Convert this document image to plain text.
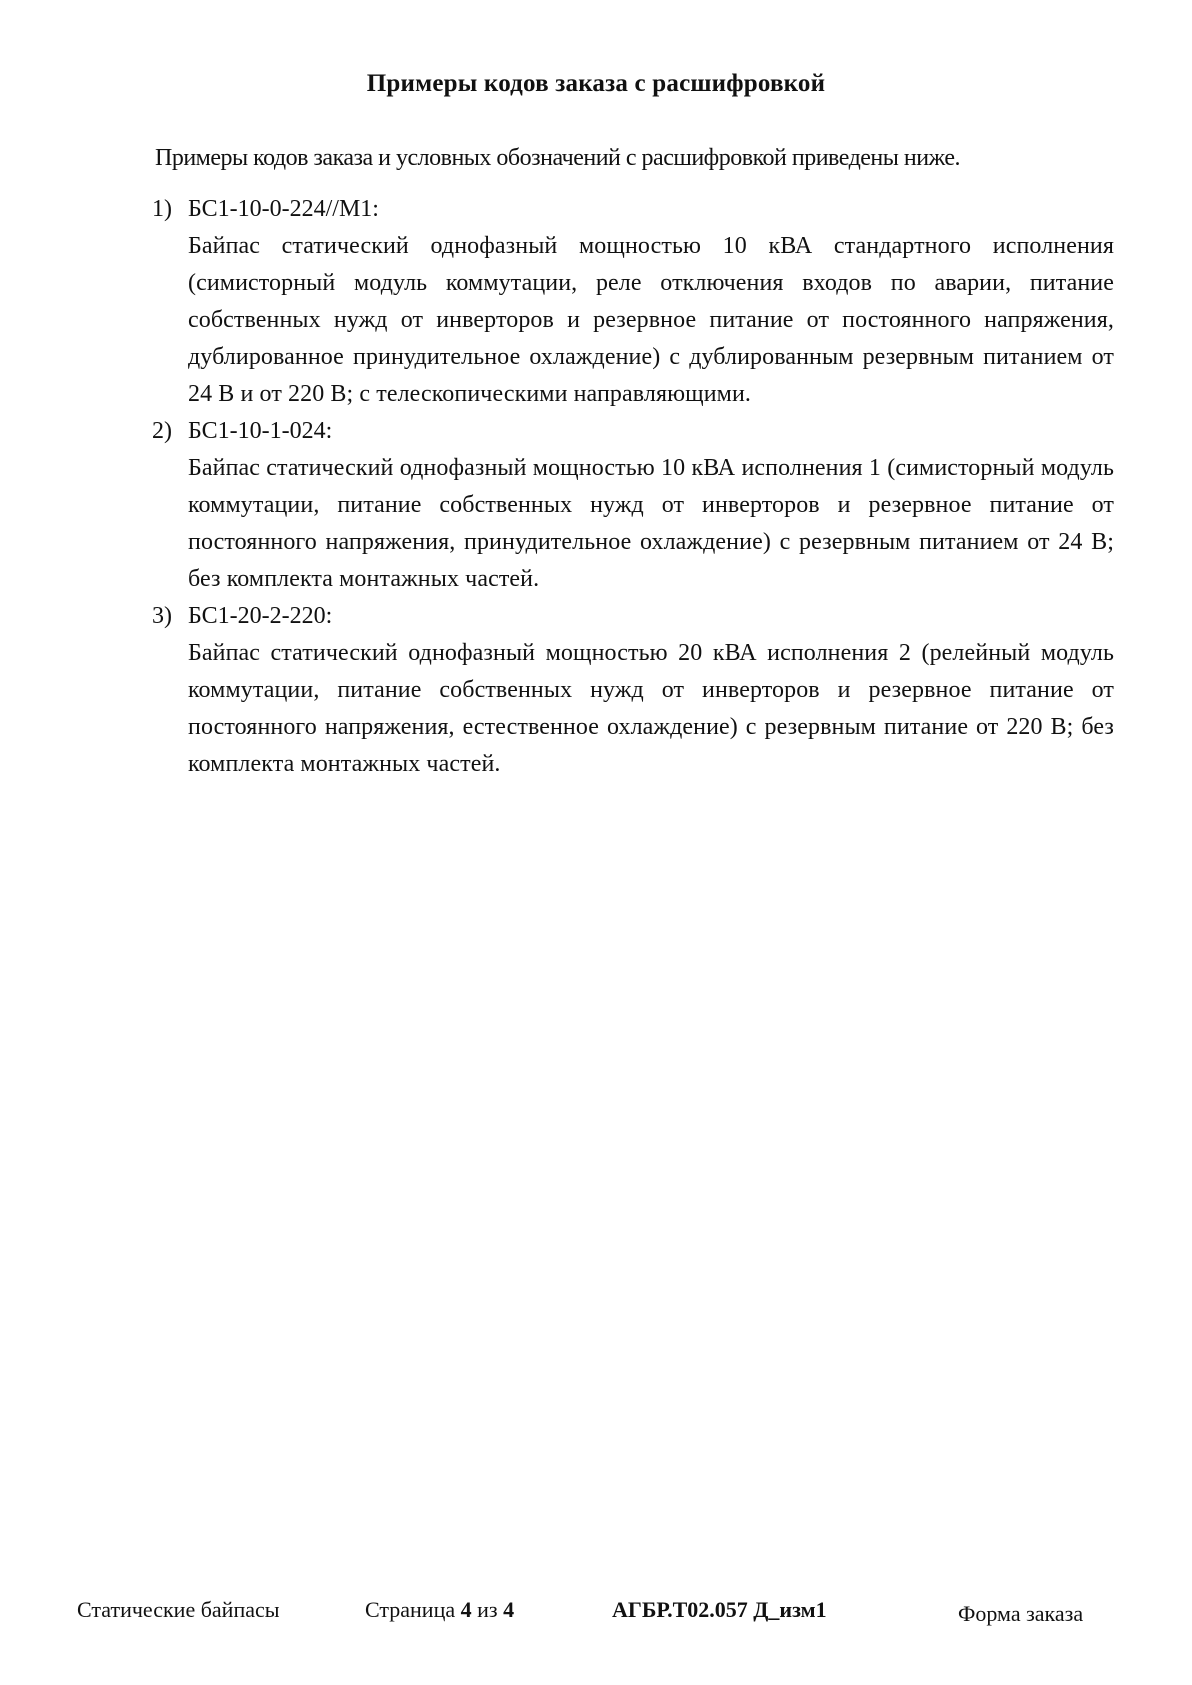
Примеры кодов заказа с расшифровкой
Примеры кодов заказа и условных обозначений с расшифровкой приведены ниже.
1) БС1-10-0-224//М1:
Байпас статический однофазный мощностью 10 кВА стандартного исполнения (симисторный модуль коммутации, реле отключения входов по аварии, питание собственных нужд от инверторов и резервное питание от постоянного напряжения, дублированное принудительное охлаждение) с дублированным резервным питанием от 24 В и от 220 В; с телескопическими направляющими.
2) БС1-10-1-024:
Байпас статический однофазный мощностью 10 кВА исполнения 1 (симисторный модуль коммутации, питание собственных нужд от инверторов и резервное питание от постоянного напряжения, принудительное охлаждение) с резервным питанием от 24 В; без комплекта монтажных частей.
3) БС1-20-2-220:
Байпас статический однофазный мощностью 20 кВА исполнения 2 (релейный модуль коммутации, питание собственных нужд от инверторов и резервное питание от постоянного напряжения, естественное охлаждение) с резервным питание от 220 В; без комплекта монтажных частей.
Статические байпасы	Страница 4 из 4	АГБР.Т02.057 Д_изм1	Форма заказа
